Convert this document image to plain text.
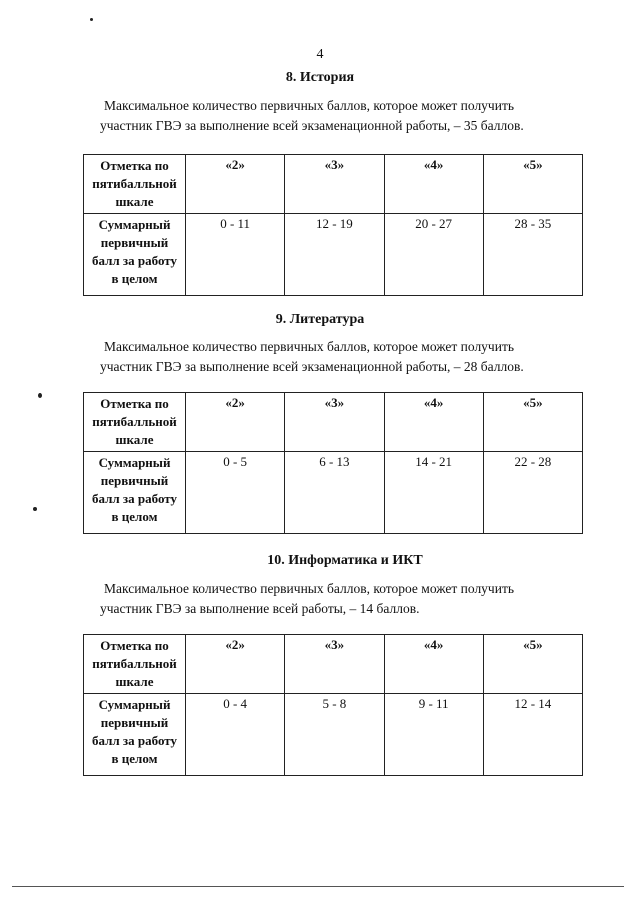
4
8. История

Максимальное количество первичных баллов, которое может получить

участник ГВЭ за выполнение всей экзаменационной работы, – 35 баллов.

Отметка по пятибалльной шкале	«2»	«3»	«4»	«5»
Суммарный первичный балл за работу в целом	0 - 11	12 - 19	20 - 27	28 - 35
9. Литература

Максимальное количество первичных баллов, которое может получить

участник ГВЭ за выполнение всей экзаменационной работы, – 28 баллов.

Отметка по пятибалльной шкале	«2»	«3»	«4»	«5»
Суммарный первичный балл за работу в целом	0 - 5	6 - 13	14 - 21	22 - 28
10. Информатика и ИКТ

Максимальное количество первичных баллов, которое может получить

участник ГВЭ за выполнение всей работы, – 14 баллов.

Отметка по пятибалльной шкале	«2»	«3»	«4»	«5»
Суммарный первичный балл за работу в целом	0 - 4	5 - 8	9 - 11	12 - 14
